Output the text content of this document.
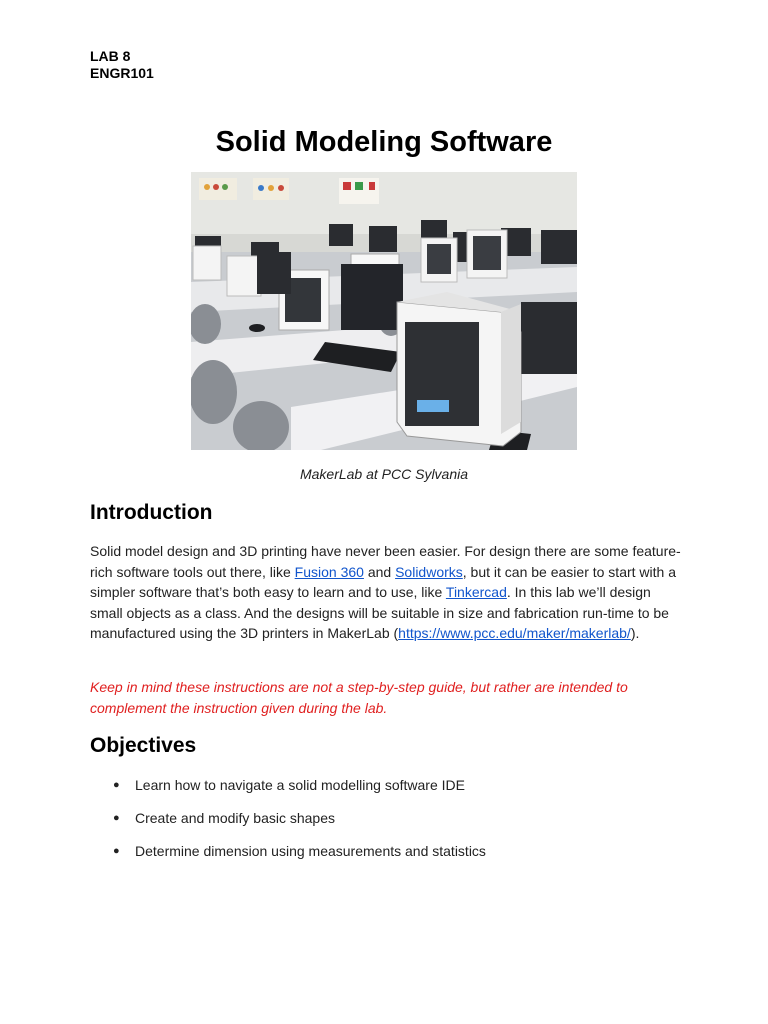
LAB 8
ENGR101
Solid Modeling Software
MakerLab at PCC Sylvania
Introduction
Solid model design and 3D printing have never been easier. For design there are some feature-rich software tools out there, like Fusion 360 and Solidworks, but it can be easier to start with a simpler software that’s both easy to learn and to use, like Tinkercad. In this lab we’ll design small objects as a class. And the designs will be suitable in size and fabrication run-time to be manufactured using the 3D printers in MakerLab (https://www.pcc.edu/maker/makerlab/).
Keep in mind these instructions are not a step-by-step guide, but rather are intended to complement the instruction given during the lab.
Objectives
● Learn how to navigate a solid modelling software IDE
● Create and modify basic shapes
● Determine dimension using measurements and statistics
